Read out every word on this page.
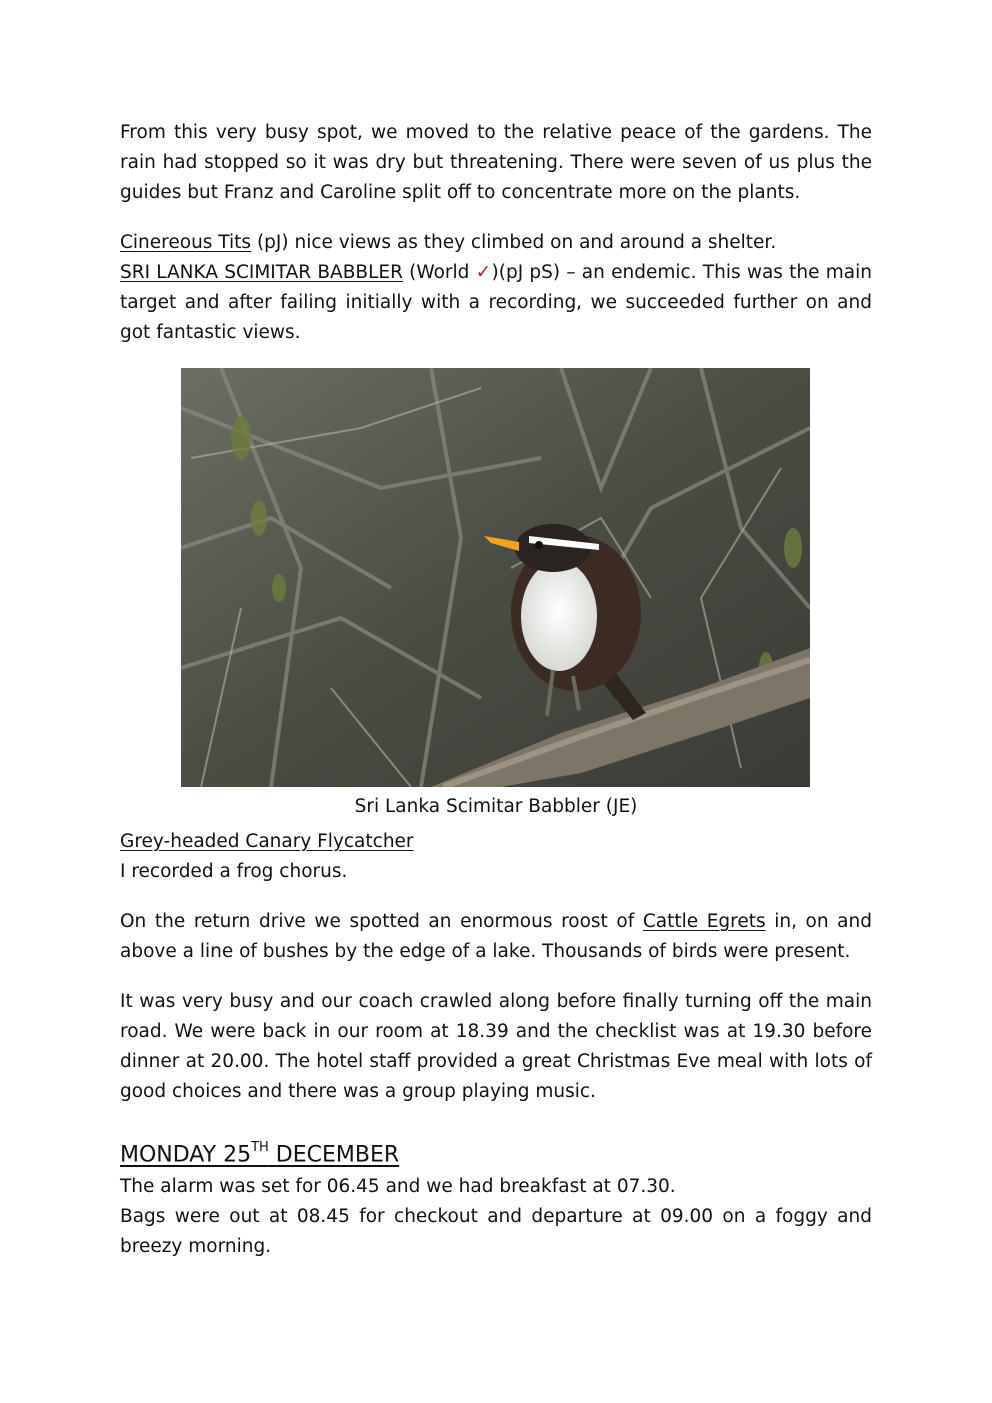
From this very busy spot, we moved to the relative peace of the gardens. The rain had stopped so it was dry but threatening. There were seven of us plus the guides but Franz and Caroline split off to concentrate more on the plants.

Cinereous Tits (pJ) nice views as they climbed on and around a shelter.

SRI LANKA SCIMITAR BABBLER (World ✓)(pJ pS) – an endemic. This was the main target and after failing initially with a recording, we succeeded further on and got fantastic views.

Sri Lanka Scimitar Babbler (JE)

Grey-headed Canary Flycatcher

I recorded a frog chorus.

On the return drive we spotted an enormous roost of Cattle Egrets in, on and above a line of bushes by the edge of a lake. Thousands of birds were present.

It was very busy and our coach crawled along before finally turning off the main road. We were back in our room at 18.39 and the checklist was at 19.30 before dinner at 20.00. The hotel staff provided a great Christmas Eve meal with lots of good choices and there was a group playing music.

MONDAY 25TH DECEMBER

The alarm was set for 06.45 and we had breakfast at 07.30.

Bags were out at 08.45 for checkout and departure at 09.00 on a foggy and breezy morning.
